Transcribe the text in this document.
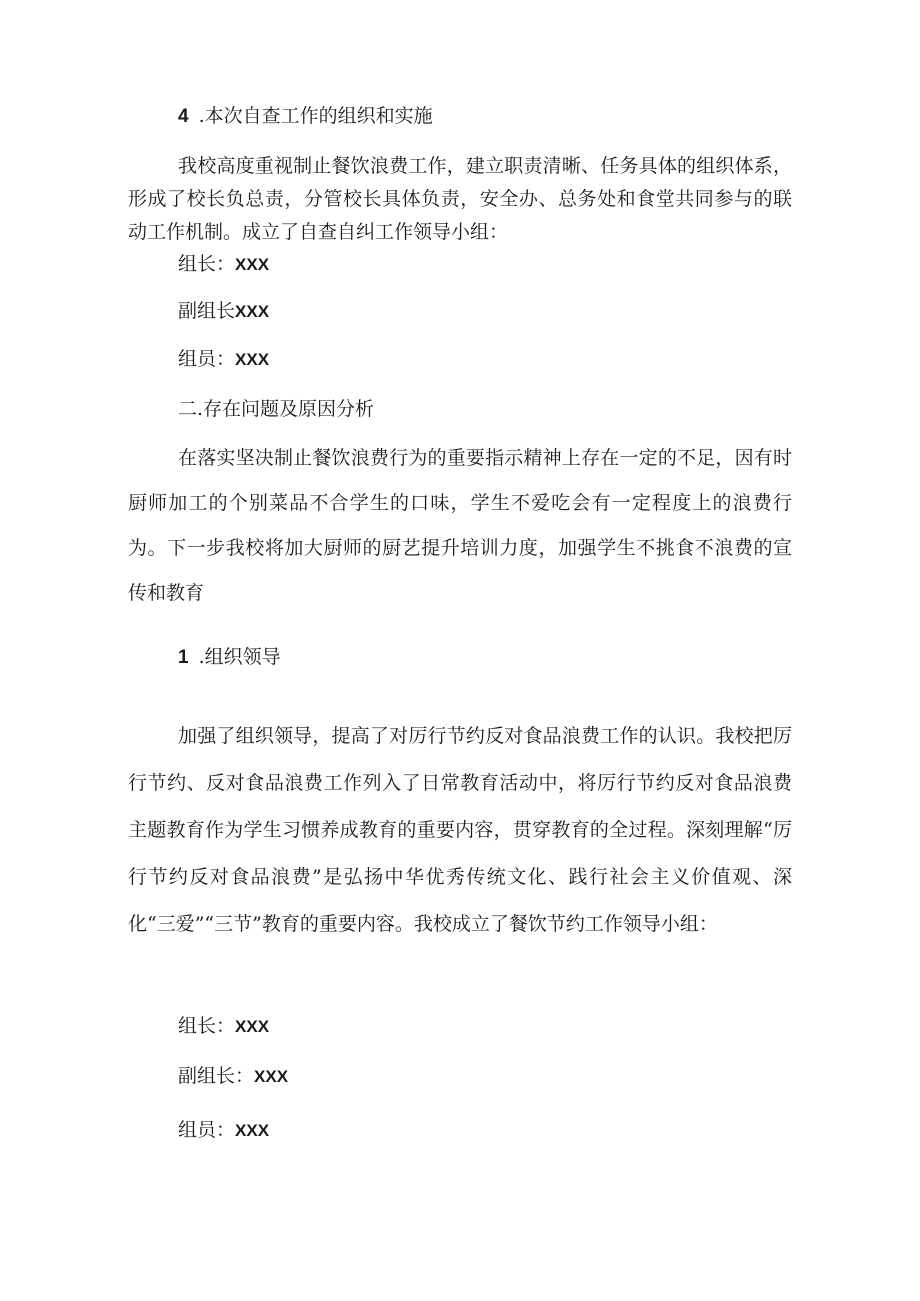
4 .本次自查工作的组织和实施

我校高度重视制止餐饮浪费工作，建立职责清晰、任务具体的组织体系，形成了校长负总责，分管校长具体负责，安全办、总务处和食堂共同参与的联动工作机制。成立了自查自纠工作领导小组：

组长：XXX
副组长XXX
组员：XXX
二.存在问题及原因分析

在落实坚决制止餐饮浪费行为的重要指示精神上存在一定的不足，因有时厨师加工的个别菜品不合学生的口味，学生不爱吃会有一定程度上的浪费行为。下一步我校将加大厨师的厨艺提升培训力度，加强学生不挑食不浪费的宣传和教育

1 .组织领导

加强了组织领导，提高了对厉行节约反对食品浪费工作的认识。我校把厉行节约、反对食品浪费工作列入了日常教育活动中，将厉行节约反对食品浪费主题教育作为学生习惯养成教育的重要内容，贯穿教育的全过程。深刻理解“厉行节约反对食品浪费”是弘扬中华优秀传统文化、践行社会主义价值观、深化“三爱”“三节”教育的重要内容。我校成立了餐饮节约工作领导小组：

组长：XXX
副组长：XXX
组员：XXX
